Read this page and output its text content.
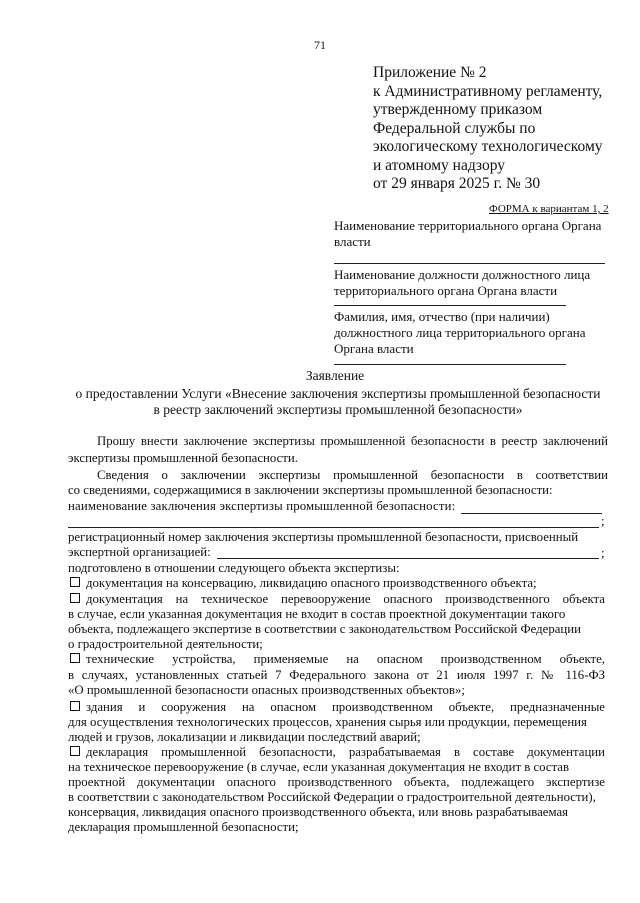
71
Приложение № 2
к Административному регламенту,
утвержденному приказом
Федеральной службы по
экологическому технологическому
и атомному надзору
от 29 января 2025 г. № 30
ФОРМА к вариантам 1, 2
Наименование территориального органа Органа власти
Наименование должности должностного лица территориального органа Органа власти
Фамилия, имя, отчество (при наличии) должностного лица территориального органа Органа власти
Заявление
о предоставлении Услуги «Внесение заключения экспертизы промышленной безопасности
в реестр заключений экспертизы промышленной безопасности»
Прошу внести заключение экспертизы промышленной безопасности в реестр заключений
экспертизы промышленной безопасности.
Сведения о заключении экспертизы промышленной безопасности в соответствии
со сведениями, содержащимися в заключении экспертизы промышленной безопасности:
наименование заключения экспертизы промышленной безопасности:
;
регистрационный номер заключения экспертизы промышленной безопасности, присвоенный
экспертной организацией:	;
подготовлено в отношении следующего объекта экспертизы:
документация на консервацию, ликвидацию опасного производственного объекта;
документация на техническое перевооружение опасного производственного объекта
в случае, если указанная документация не входит в состав проектной документации такого
объекта, подлежащего экспертизе в соответствии с законодательством Российской Федерации
о градостроительной деятельности;
технические устройства, применяемые на опасном производственном объекте,
в случаях, установленных статьей 7 Федерального закона от 21 июля 1997 г. № 116-ФЗ
«О промышленной безопасности опасных производственных объектов»;
здания и сооружения на опасном производственном объекте, предназначенные
для осуществления технологических процессов, хранения сырья или продукции, перемещения
людей и грузов, локализации и ликвидации последствий аварий;
декларация промышленной безопасности, разрабатываемая в составе документации
на техническое перевооружение (в случае, если указанная документация не входит в состав
проектной документации опасного производственного объекта, подлежащего экспертизе
в соответствии с законодательством Российской Федерации о градостроительной деятельности),
консервация, ликвидация опасного производственного объекта, или вновь разрабатываемая
декларация промышленной безопасности;
